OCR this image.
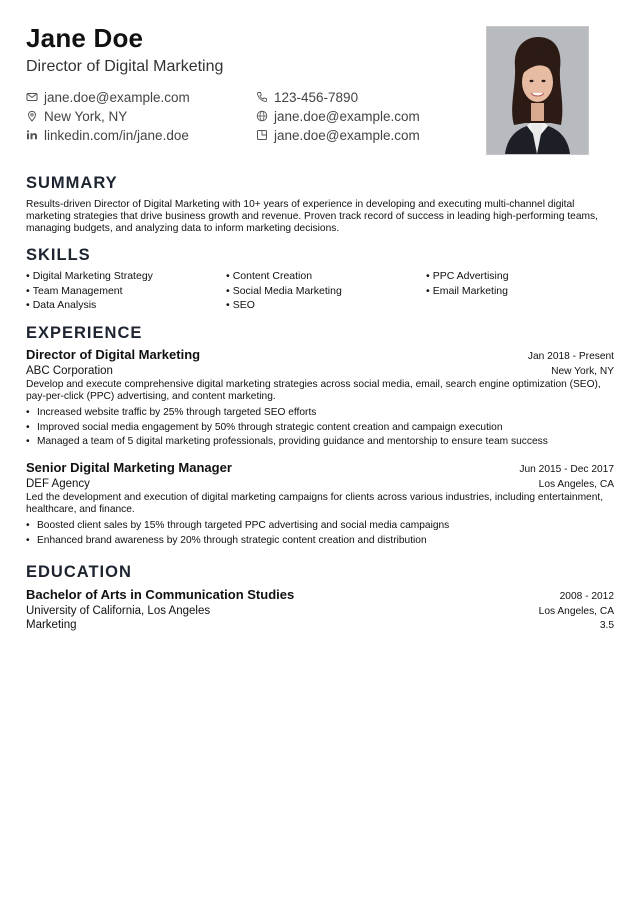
Jane Doe
Director of Digital Marketing
jane.doe@example.com	123-456-7890
New York, NY	jane.doe@example.com
linkedin.com/in/jane.doe	jane.doe@example.com
SUMMARY
Results-driven Director of Digital Marketing with 10+ years of experience in developing and executing multi-channel digital marketing strategies that drive business growth and revenue. Proven track record of success in leading high-performing teams, managing budgets, and analyzing data to inform marketing decisions.
SKILLS
• Digital Marketing Strategy	• Content Creation	• PPC Advertising
• Team Management	• Social Media Marketing	• Email Marketing
• Data Analysis	• SEO
EXPERIENCE
Director of Digital Marketing	Jan 2018 - Present
ABC Corporation	New York, NY
Develop and execute comprehensive digital marketing strategies across social media, email, search engine optimization (SEO), pay-per-click (PPC) advertising, and content marketing.
• Increased website traffic by 25% through targeted SEO efforts
• Improved social media engagement by 50% through strategic content creation and campaign execution
• Managed a team of 5 digital marketing professionals, providing guidance and mentorship to ensure team success
Senior Digital Marketing Manager	Jun 2015 - Dec 2017
DEF Agency	Los Angeles, CA
Led the development and execution of digital marketing campaigns for clients across various industries, including entertainment, healthcare, and finance.
• Boosted client sales by 15% through targeted PPC advertising and social media campaigns
• Enhanced brand awareness by 20% through strategic content creation and distribution
EDUCATION
Bachelor of Arts in Communication Studies	2008 - 2012
University of California, Los Angeles	Los Angeles, CA
Marketing	3.5
